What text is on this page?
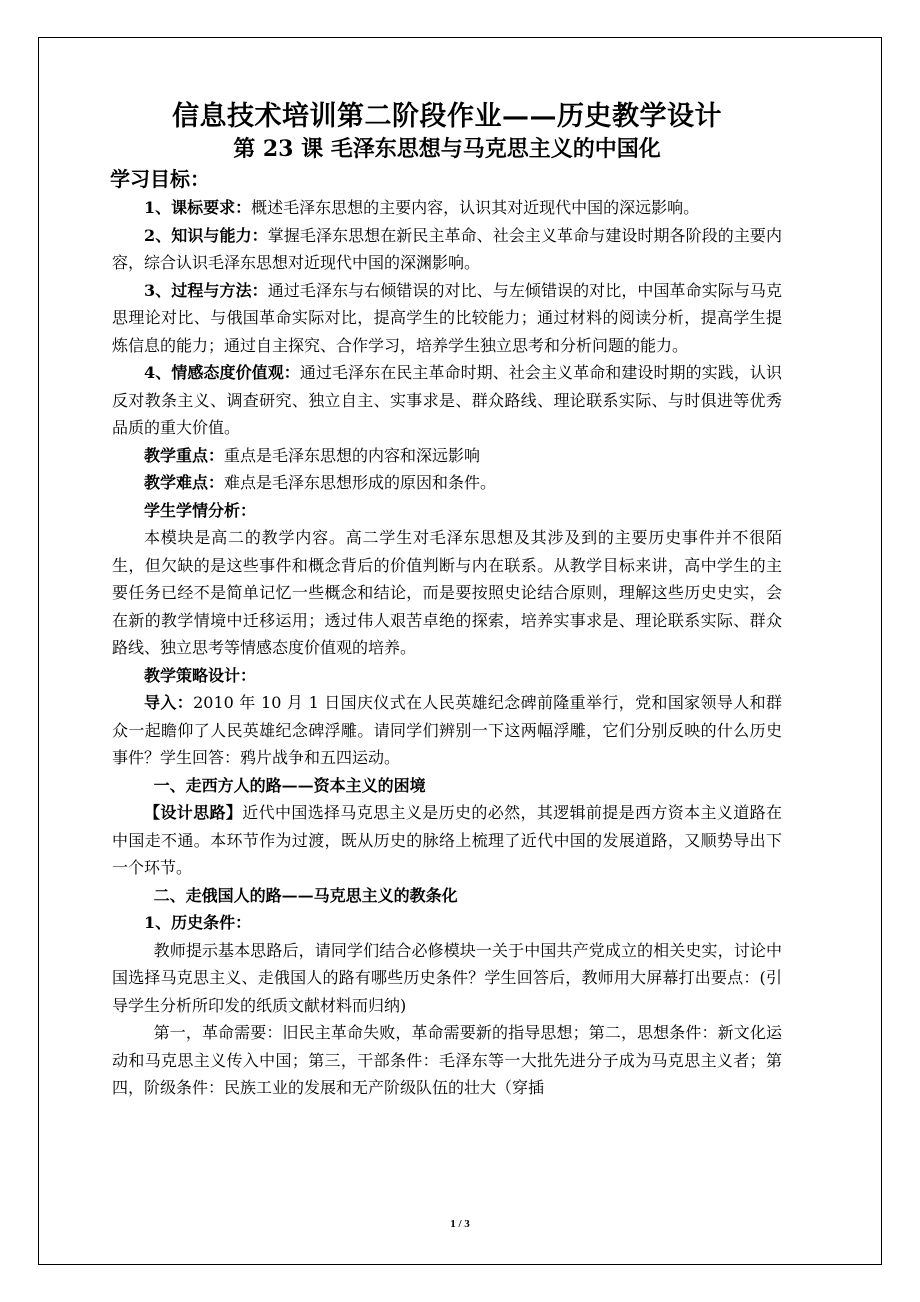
信息技术培训第二阶段作业——历史教学设计
第 23 课 毛泽东思想与马克思主义的中国化
学习目标：

1、课标要求：概述毛泽东思想的主要内容，认识其对近现代中国的深远影响。

2、知识与能力：掌握毛泽东思想在新民主革命、社会主义革命与建设时期各阶段的主要内容，综合认识毛泽东思想对近现代中国的深渊影响。

3、过程与方法：通过毛泽东与右倾错误的对比、与左倾错误的对比，中国革命实际与马克思理论对比、与俄国革命实际对比，提高学生的比较能力；通过材料的阅读分析，提高学生提炼信息的能力；通过自主探究、合作学习，培养学生独立思考和分析问题的能力。

4、情感态度价值观：通过毛泽东在民主革命时期、社会主义革命和建设时期的实践，认识反对教条主义、调查研究、独立自主、实事求是、群众路线、理论联系实际、与时俱进等优秀品质的重大价值。

教学重点：重点是毛泽东思想的内容和深远影响

教学难点：难点是毛泽东思想形成的原因和条件。

学生学情分析：

本模块是高二的教学内容。高二学生对毛泽东思想及其涉及到的主要历史事件并不很陌生，但欠缺的是这些事件和概念背后的价值判断与内在联系。从教学目标来讲，高中学生的主要任务已经不是简单记忆一些概念和结论，而是要按照史论结合原则，理解这些历史史实，会在新的教学情境中迁移运用；透过伟人艰苦卓绝的探索，培养实事求是、理论联系实际、群众路线、独立思考等情感态度价值观的培养。

教学策略设计：

导入：2010 年 10 月 1 日国庆仪式在人民英雄纪念碑前隆重举行，党和国家领导人和群众一起瞻仰了人民英雄纪念碑浮雕。请同学们辨别一下这两幅浮雕，它们分别反映的什么历史事件？学生回答：鸦片战争和五四运动。

一、走西方人的路——资本主义的困境

【设计思路】近代中国选择马克思主义是历史的必然，其逻辑前提是西方资本主义道路在中国走不通。本环节作为过渡，既从历史的脉络上梳理了近代中国的发展道路，又顺势导出下一个环节。

二、走俄国人的路——马克思主义的教条化

1、历史条件：

教师提示基本思路后，请同学们结合必修模块一关于中国共产党成立的相关史实，讨论中国选择马克思主义、走俄国人的路有哪些历史条件？学生回答后，教师用大屏幕打出要点：(引导学生分析所印发的纸质文献材料而归纳)

第一，革命需要：旧民主革命失败，革命需要新的指导思想；第二，思想条件：新文化运动和马克思主义传入中国；第三，干部条件：毛泽东等一大批先进分子成为马克思主义者；第四，阶级条件：民族工业的发展和无产阶级队伍的壮大（穿插

1 / 3
